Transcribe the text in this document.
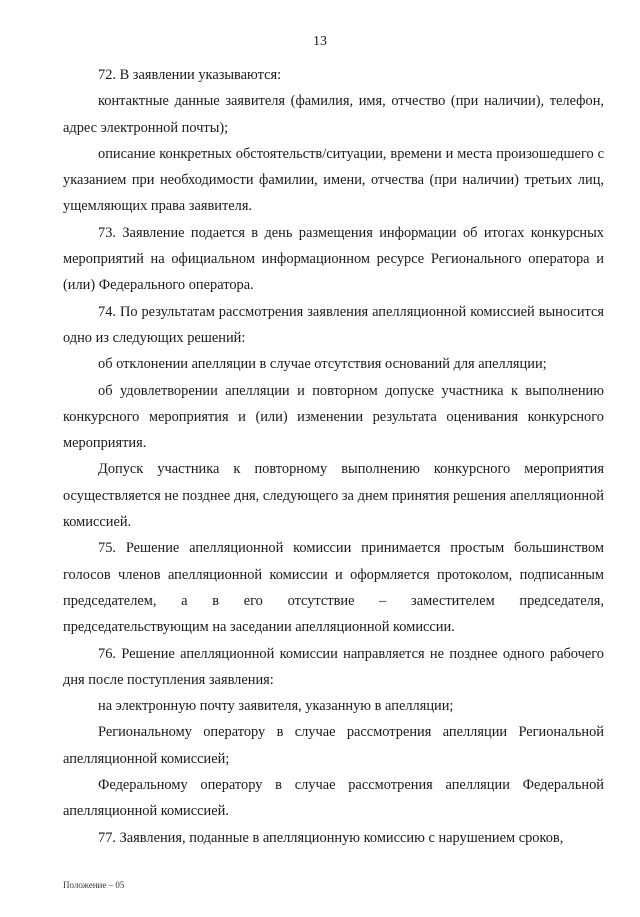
13

72. В заявлении указываются:

контактные данные заявителя (фамилия, имя, отчество (при наличии), телефон, адрес электронной почты);

описание конкретных обстоятельств/ситуации, времени и места произошедшего с указанием при необходимости фамилии, имени, отчества (при наличии) третьих лиц, ущемляющих права заявителя.

73. Заявление подается в день размещения информации об итогах конкурсных мероприятий на официальном информационном ресурсе Регионального оператора и (или) Федерального оператора.

74. По результатам рассмотрения заявления апелляционной комиссией выносится одно из следующих решений:

об отклонении апелляции в случае отсутствия оснований для апелляции;

об удовлетворении апелляции и повторном допуске участника к выполнению конкурсного мероприятия и (или) изменении результата оценивания конкурсного мероприятия.

Допуск участника к повторному выполнению конкурсного мероприятия осуществляется не позднее дня, следующего за днем принятия решения апелляционной комиссией.

75. Решение апелляционной комиссии принимается простым большинством голосов членов апелляционной комиссии и оформляется протоколом, подписанным председателем, а в его отсутствие – заместителем председателя, председательствующим на заседании апелляционной комиссии.

76. Решение апелляционной комиссии направляется не позднее одного рабочего дня после поступления заявления:

на электронную почту заявителя, указанную в апелляции;

Региональному оператору в случае рассмотрения апелляции Региональной апелляционной комиссией;

Федеральному оператору в случае рассмотрения апелляции Федеральной апелляционной комиссией.

77. Заявления, поданные в апелляционную комиссию с нарушением сроков,

Положение – 05
